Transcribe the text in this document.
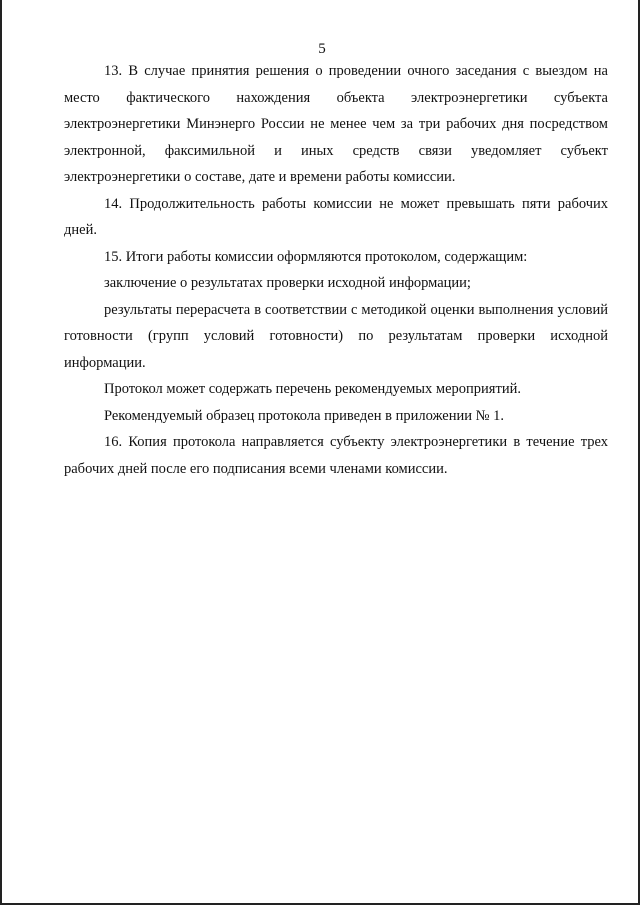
5

13. В случае принятия решения о проведении очного заседания с выездом на место фактического нахождения объекта электроэнергетики субъекта электроэнергетики Минэнерго России не менее чем за три рабочих дня посредством электронной, факсимильной и иных средств связи уведомляет субъект электроэнергетики о составе, дате и времени работы комиссии.

14. Продолжительность работы комиссии не может превышать пяти рабочих дней.

15. Итоги работы комиссии оформляются протоколом, содержащим:

заключение о результатах проверки исходной информации;

результаты перерасчета в соответствии с методикой оценки выполнения условий готовности (групп условий готовности) по результатам проверки исходной информации.

Протокол может содержать перечень рекомендуемых мероприятий.

Рекомендуемый образец протокола приведен в приложении № 1.

16. Копия протокола направляется субъекту электроэнергетики в течение трех рабочих дней после его подписания всеми членами комиссии.
